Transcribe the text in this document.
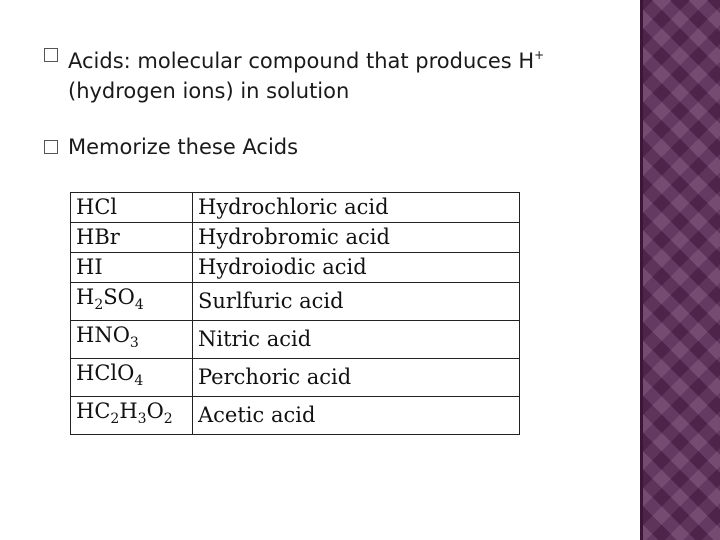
Acids: molecular compound that produces H+ (hydrogen ions) in solution
Memorize these Acids
HCl	Hydrochloric acid
HBr	Hydrobromic acid
HI	Hydroiodic acid
$H_2SO_4$	Surlfuric acid
$HNO_3$	Nitric acid
HClO$_4$	Perchoric acid
$HC_2H_3O_2$	Acetic acid
